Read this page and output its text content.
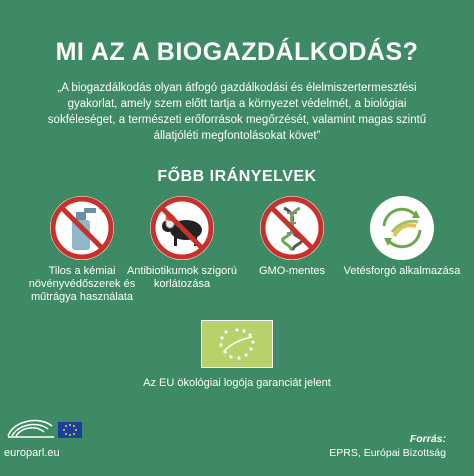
MI AZ A BIOGAZDÁLKODÁS?
„A biogazdálkodás olyan átfogó gazdálkodási és élelmiszertermesztési gyakorlat, amely szem előtt tartja a környezet védelmét, a biológiai sokféleséget, a természeti erőforrások megőrzését, valamint magas szintű állatjóléti megfontolásokat követ”
FŐBB IRÁNYELVEK
Tilos a kémiai növényvédőszerek és műtrágya használata
Antibiotikumok szigorú korlátozása
GMO-mentes	Vetésforgó alkalmazása
Az EU ökológiai logója garanciát jelent
europarl.eu
Forrás:
EPRS, Európai Bizottság
